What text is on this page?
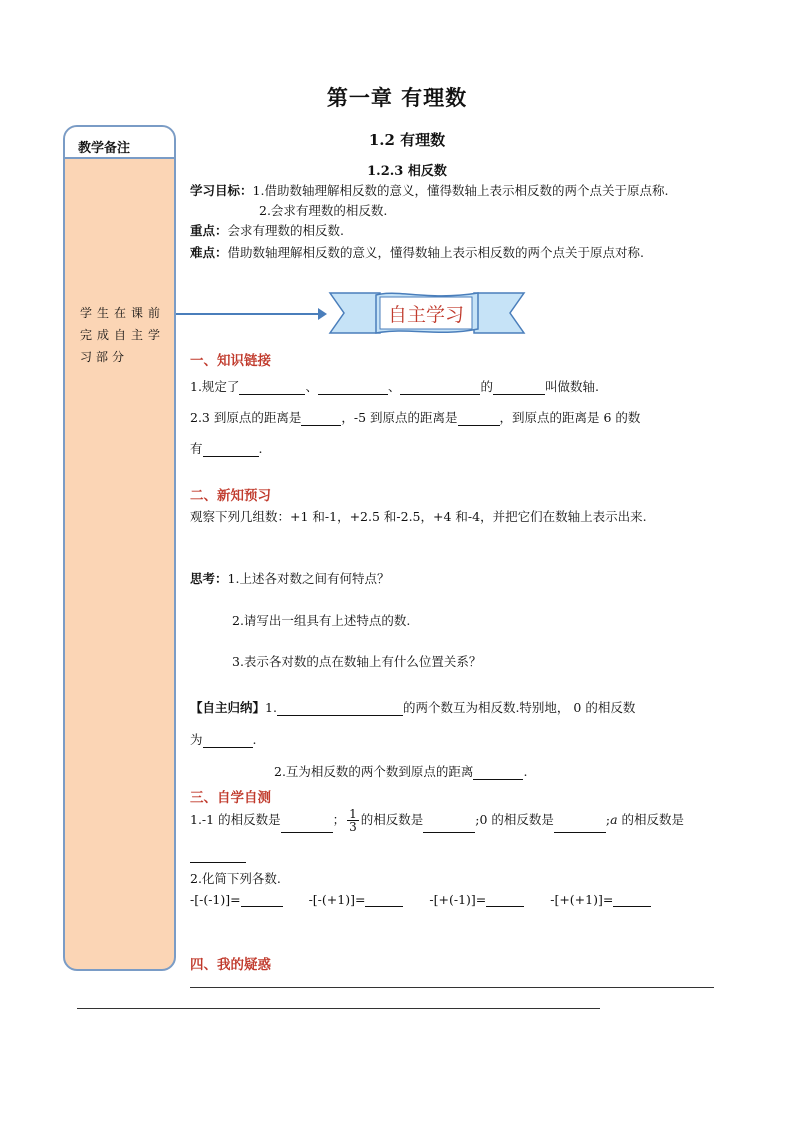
第一章 有理数
1.2 有理数
1.2.3 相反数
教学备注
学生在课前完成自主学习部分
学习目标：1.借助数轴理解相反数的意义，懂得数轴上表示相反数的两个点关于原点称.
2.会求有理数的相反数.
重点：会求有理数的相反数.
难点：借助数轴理解相反数的意义，懂得数轴上表示相反数的两个点关于原点对称.
自主学习
一、知识链接
1.规定了	、	、	的	叫做数轴.
2.3 到原点的距离是	，-5 到原点的距离是	，到原点的距离是 6 的数
有	.
二、新知预习
观察下列几组数：+1 和-1，+2.5 和-2.5，+4 和-4，并把它们在数轴上表示出来.
思考：1.上述各对数之间有何特点？
2.请写出一组具有上述特点的数.
3.表示各对数的点在数轴上有什么位置关系？
【自主归纳】1.	的两个数互为相反数.特别地， 0 的相反数
为	.
2.互为相反数的两个数到原点的距离	.
三、自学自测
1.-1 的相反数是	； $\frac{1}{3}$ 的相反数是	;0 的相反数是	;a 的相反数是
2.化简下列各数.
-[-(-1)]=	-[-(+1)]=	-[+(-1)]=	-[+(+1)]=
四、我的疑惑
